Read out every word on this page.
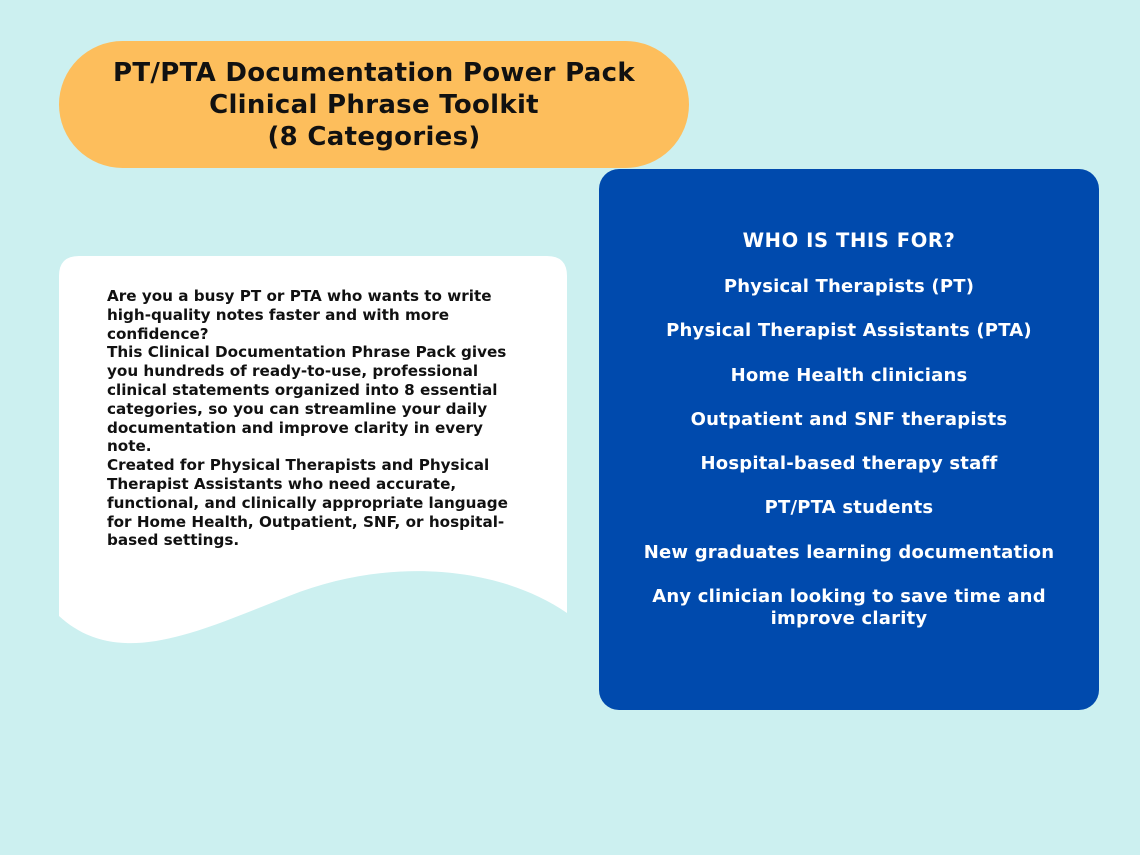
PT/PTA Documentation Power Pack
Clinical Phrase Toolkit
(8 Categories)
Are you a busy PT or PTA who wants to write high-quality notes faster and with more confidence?
This Clinical Documentation Phrase Pack gives you hundreds of ready-to-use, professional clinical statements organized into 8 essential categories, so you can streamline your daily documentation and improve clarity in every note.
Created for Physical Therapists and Physical Therapist Assistants who need accurate, functional, and clinically appropriate language for Home Health, Outpatient, SNF, or hospital-based settings.
WHO IS THIS FOR?
Physical Therapists (PT)
Physical Therapist Assistants (PTA)
Home Health clinicians
Outpatient and SNF therapists
Hospital-based therapy staff
PT/PTA students
New graduates learning documentation
Any clinician looking to save time and improve clarity
